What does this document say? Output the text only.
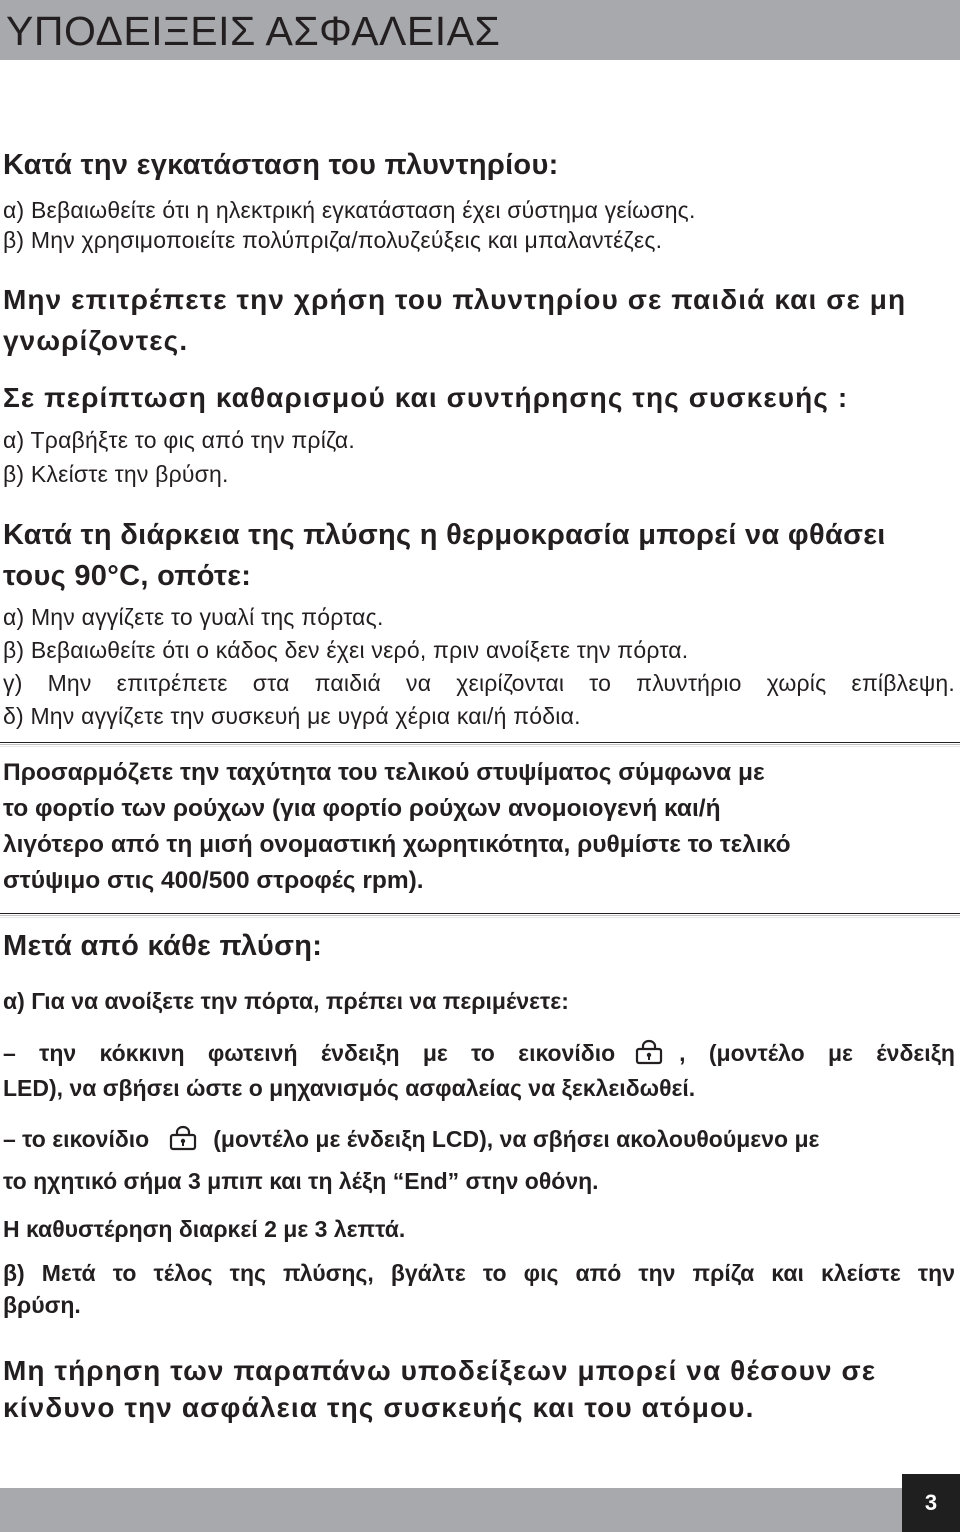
ΥΠΟΔΕΙΞΕΙΣ ΑΣΦΑΛΕΙΑΣ

Κατά την εγκατάσταση του πλυντηρίου:

α) Βεβαιωθείτε ότι η ηλεκτρική εγκατάσταση έχει σύστημα γείωσης.

β) Μην χρησιμοποιείτε πολύπριζα/πολυζεύξεις και μπαλαντέζες.

Μην επιτρέπετε την χρήση του πλυντηρίου σε παιδιά και σε μη

γνωρίζοντες.

Σε περίπτωση καθαρισμού και συντήρησης της συσκευής :

α) Τραβήξτε το φις από την πρίζα.

β) Κλείστε την βρύση.

Κατά τη διάρκεια της πλύσης η θερμοκρασία μπορεί να φθάσει

τους 90°C, οπότε:

α) Μην αγγίζετε το γυαλί της πόρτας.

β) Βεβαιωθείτε ότι ο κάδος δεν έχει νερό, πριν ανοίξετε την πόρτα.

γ) Μην επιτρέπετε στα παιδιά να χειρίζονται το πλυντήριο χωρίς επίβλεψη.

δ) Μην αγγίζετε την συσκευή με υγρά χέρια και/ή πόδια.

Προσαρμόζετε την ταχύτητα του τελικού στυψίματος σύμφωνα με

το φορτίο των ρούχων (για φορτίο ρούχων ανομοιογενή και/ή

λιγότερο από τη μισή ονομαστική χωρητικότητα, ρυθμίστε το τελικό

στύψιμο στις 400/500 στροφές rpm).

Μετά από κάθε πλύση:

α) Για να ανοίξετε την πόρτα, πρέπει να περιμένετε:

– την κόκκινη φωτεινή ένδειξη με το εικονίδιο	, (μοντέλο με ένδειξη

LED), να σβήσει ώστε ο μηχανισμός ασφαλείας να ξεκλειδωθεί.

– το εικονίδιο	(μοντέλο με ένδειξη LCD), να σβήσει ακολουθούμενο με

το ηχητικό σήμα 3 μπιπ και τη λέξη “End” στην οθόνη.

Η καθυστέρηση διαρκεί 2 με 3 λεπτά.

β) Μετά το τέλος της πλύσης, βγάλτε το φις από την πρίζα και κλείστε την

βρύση.

Μη τήρηση των παραπάνω υποδείξεων μπορεί να θέσουν σε

κίνδυνο την ασφάλεια της συσκευής και του ατόμου.

3
